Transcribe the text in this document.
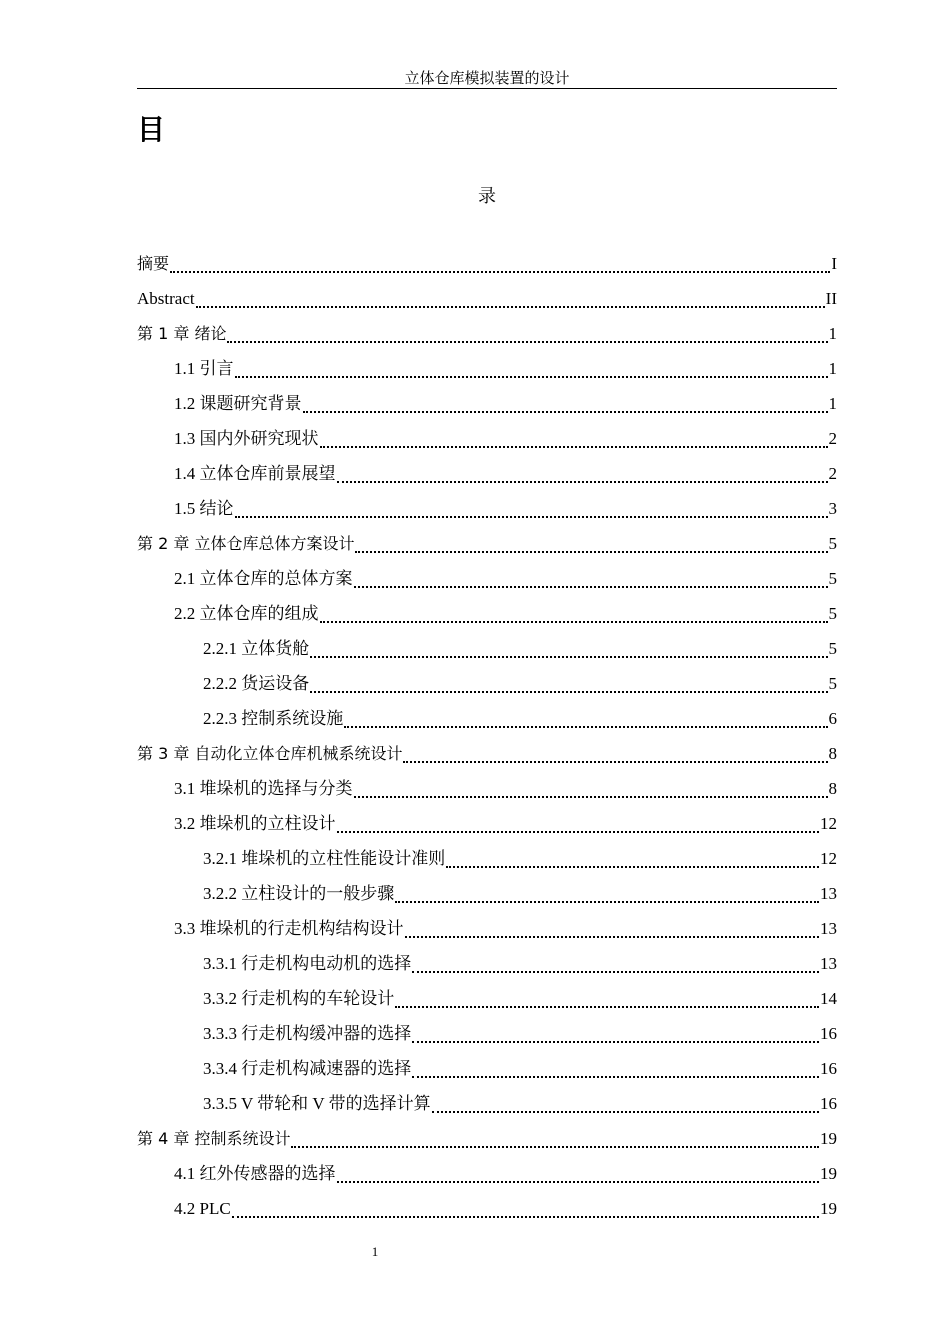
立体仓库模拟装置的设计
目
录
摘要	I
Abstract	II
第 1 章 绪论	1
1.1 引言	1
1.2 课题研究背景	1
1.3 国内外研究现状	2
1.4 立体仓库前景展望	2
1.5 结论	3
第 2 章 立体仓库总体方案设计	5
2.1 立体仓库的总体方案	5
2.2 立体仓库的组成	5
2.2.1 立体货舱	5
2.2.2 货运设备	5
2.2.3 控制系统设施	6
第 3 章 自动化立体仓库机械系统设计	8
3.1 堆垛机的选择与分类	8
3.2 堆垛机的立柱设计	12
3.2.1 堆垛机的立柱性能设计准则	12
3.2.2 立柱设计的一般步骤	13
3.3 堆垛机的行走机构结构设计	13
3.3.1 行走机构电动机的选择	13
3.3.2 行走机构的车轮设计	14
3.3.3 行走机构缓冲器的选择	16
3.3.4 行走机构减速器的选择	16
3.3.5 V 带轮和 V 带的选择计算	16
第 4 章 控制系统设计	19
4.1 红外传感器的选择	19
4.2 PLC	19
1
